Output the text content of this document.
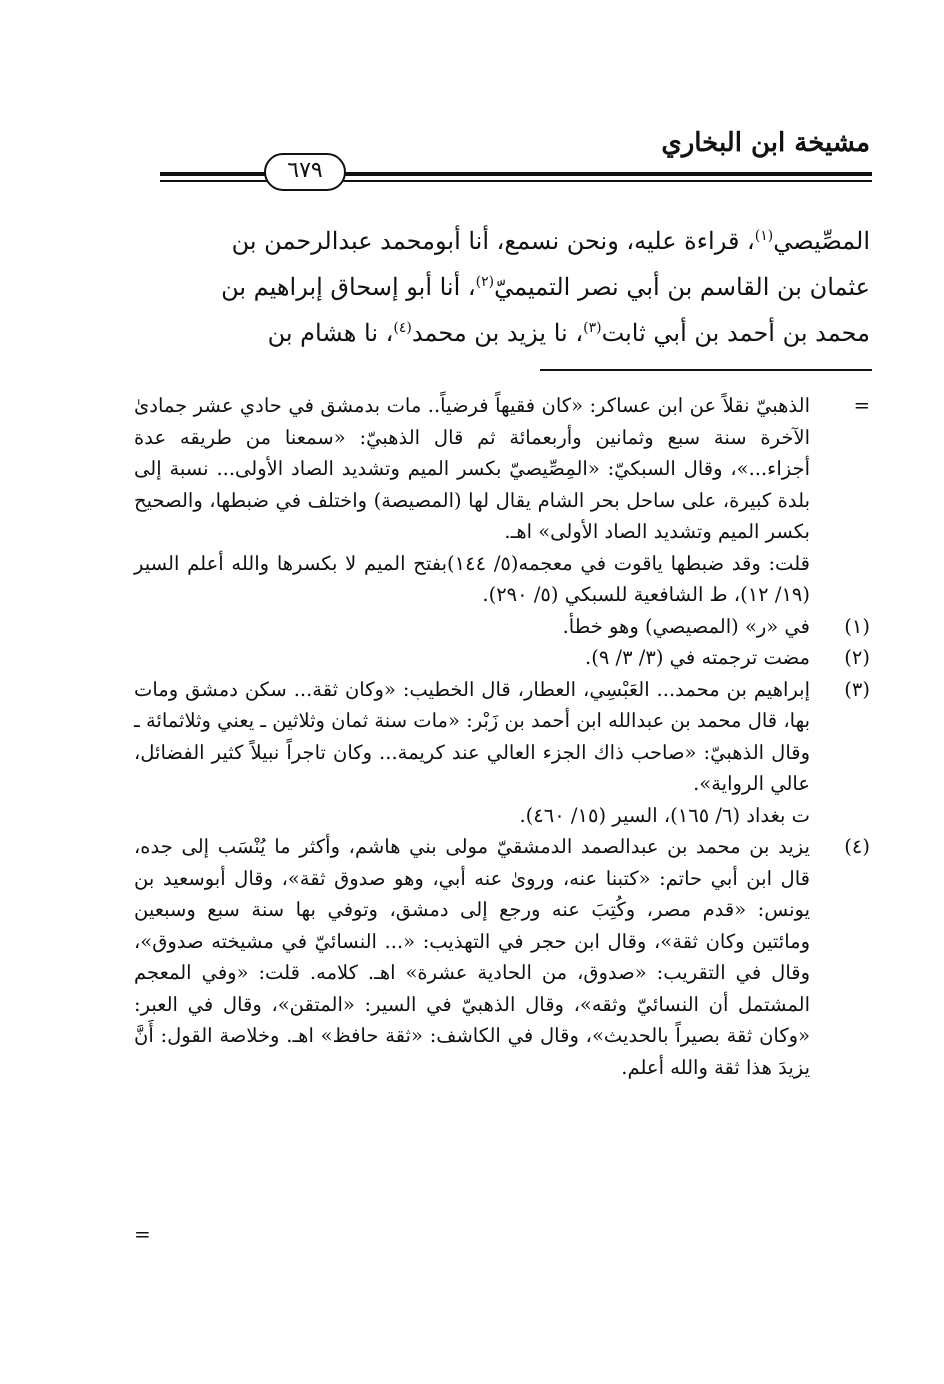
مشيخة ابن البخاري
٦٧٩

المصِّيصي$^{(١)}$، قراءة عليه، ونحن نسمع، أنا أبومحمد عبدالرحمن بن

عثمان بن القاسم بن أبي نصر التميميّ$^{(٢)}$، أنا أبو إسحاق إبراهيم بن

محمد بن أحمد بن أبي ثابت$^{(٣)}$، نا يزيد بن محمد$^{(٤)}$، نا هشام بن

=
الذهبيّ نقلاً عن ابن عساكر: «كان فقيهاً فرضياً.. مات بدمشق في حادي عشر جمادىٰ الآخرة سنة سبع وثمانين وأربعمائة ثم قال الذهبيّ: «سمعنا من طريقه عدة أجزاء...»، وقال السبكيّ: «المِصِّيصيّ بكسر الميم وتشديد الصاد الأولى... نسبة إلى بلدة كبيرة، على ساحل بحر الشام يقال لها (المصيصة) واختلف في ضبطها، والصحيح بكسر الميم وتشديد الصاد الأولى» اهـ.
قلت: وقد ضبطها ياقوت في معجمه(٥/ ١٤٤)بفتح الميم لا بكسرها والله أعلم السير (١٩/ ١٢)، ط الشافعية للسبكي (٥/ ٢٩٠).
(١)
في «ر» (المصيصي) وهو خطأ.
(٢)
مضت ترجمته في (٣/ ٣/ ٩).
(٣)
إبراهيم بن محمد... العَبْسِي، العطار، قال الخطيب: «وكان ثقة... سكن دمشق ومات بها، قال محمد بن عبدالله ابن أحمد بن زَبْر: «مات سنة ثمان وثلاثين ـ يعني وثلاثمائة ـ وقال الذهبيّ: «صاحب ذاك الجزء العالي عند كريمة... وكان تاجراً نبيلاً كثير الفضائل، عالي الرواية».
ت بغداد (٦/ ١٦٥)، السير (١٥/ ٤٦٠).
(٤)
يزيد بن محمد بن عبدالصمد الدمشقيّ مولى بني هاشم، وأكثر ما يُنْسَب إلى جده، قال ابن أبي حاتم: «كتبنا عنه، وروىٰ عنه أبي، وهو صدوق ثقة»، وقال أبوسعيد بن يونس: «قدم مصر، وكُتِبَ عنه ورجع إلى دمشق، وتوفي بها سنة سبع وسبعين ومائتين وكان ثقة»، وقال ابن حجر في التهذيب: «... النسائيّ في مشيخته صدوق»، وقال في التقريب: «صدوق، من الحادية عشرة» اهـ. كلامه. قلت: «وفي المعجم المشتمل أن النسائيّ وثقه»، وقال الذهبيّ في السير: «المتقن»، وقال في العبر: «وكان ثقة بصيراً بالحديث»، وقال في الكاشف: «ثقة حافظ» اهـ. وخلاصة القول: أَنَّ يزيدَ هذا ثقة والله أعلم.
=
